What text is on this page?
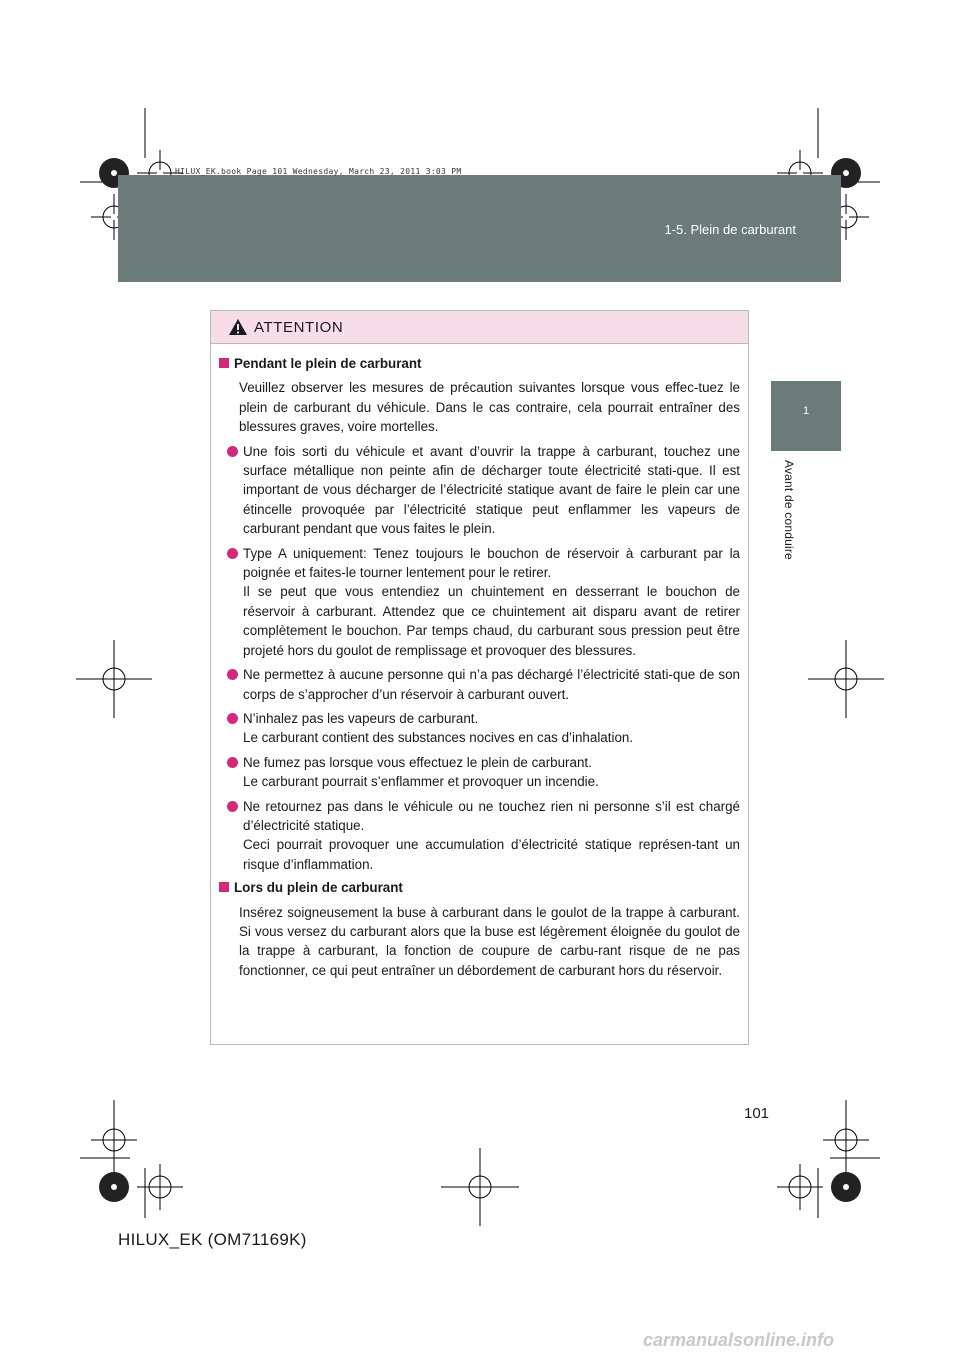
HILUX_EK.book Page 101 Wednesday, March 23, 2011 3:03 PM
1-5. Plein de carburant
1
Avant de conduire
ATTENTION
Pendant le plein de carburant
Veuillez observer les mesures de précaution suivantes lorsque vous effec-tuez le plein de carburant du véhicule. Dans le cas contraire, cela pourrait entraîner des blessures graves, voire mortelles.
Une fois sorti du véhicule et avant d’ouvrir la trappe à carburant, touchez une surface métallique non peinte afin de décharger toute électricité stati-que. Il est important de vous décharger de l’électricité statique avant de faire le plein car une étincelle provoquée par l’électricité statique peut enflammer les vapeurs de carburant pendant que vous faites le plein.
Type A uniquement: Tenez toujours le bouchon de réservoir à carburant par la poignée et faites-le tourner lentement pour le retirer.
Il se peut que vous entendiez un chuintement en desserrant le bouchon de réservoir à carburant. Attendez que ce chuintement ait disparu avant de retirer complètement le bouchon. Par temps chaud, du carburant sous pression peut être projeté hors du goulot de remplissage et provoquer des blessures.
Ne permettez à aucune personne qui n’a pas déchargé l’électricité stati-que de son corps de s’approcher d’un réservoir à carburant ouvert.
N’inhalez pas les vapeurs de carburant.
Le carburant contient des substances nocives en cas d’inhalation.
Ne fumez pas lorsque vous effectuez le plein de carburant.
Le carburant pourrait s’enflammer et provoquer un incendie.
Ne retournez pas dans le véhicule ou ne touchez rien ni personne s’il est chargé d’électricité statique.
Ceci pourrait provoquer une accumulation d’électricité statique représen-tant un risque d’inflammation.
Lors du plein de carburant
Insérez soigneusement la buse à carburant dans le goulot de la trappe à carburant. Si vous versez du carburant alors que la buse est légèrement éloignée du goulot de la trappe à carburant, la fonction de coupure de carbu-rant risque de ne pas fonctionner, ce qui peut entraîner un débordement de carburant hors du réservoir.
101
HILUX_EK (OM71169K)
carmanualsonline.info
